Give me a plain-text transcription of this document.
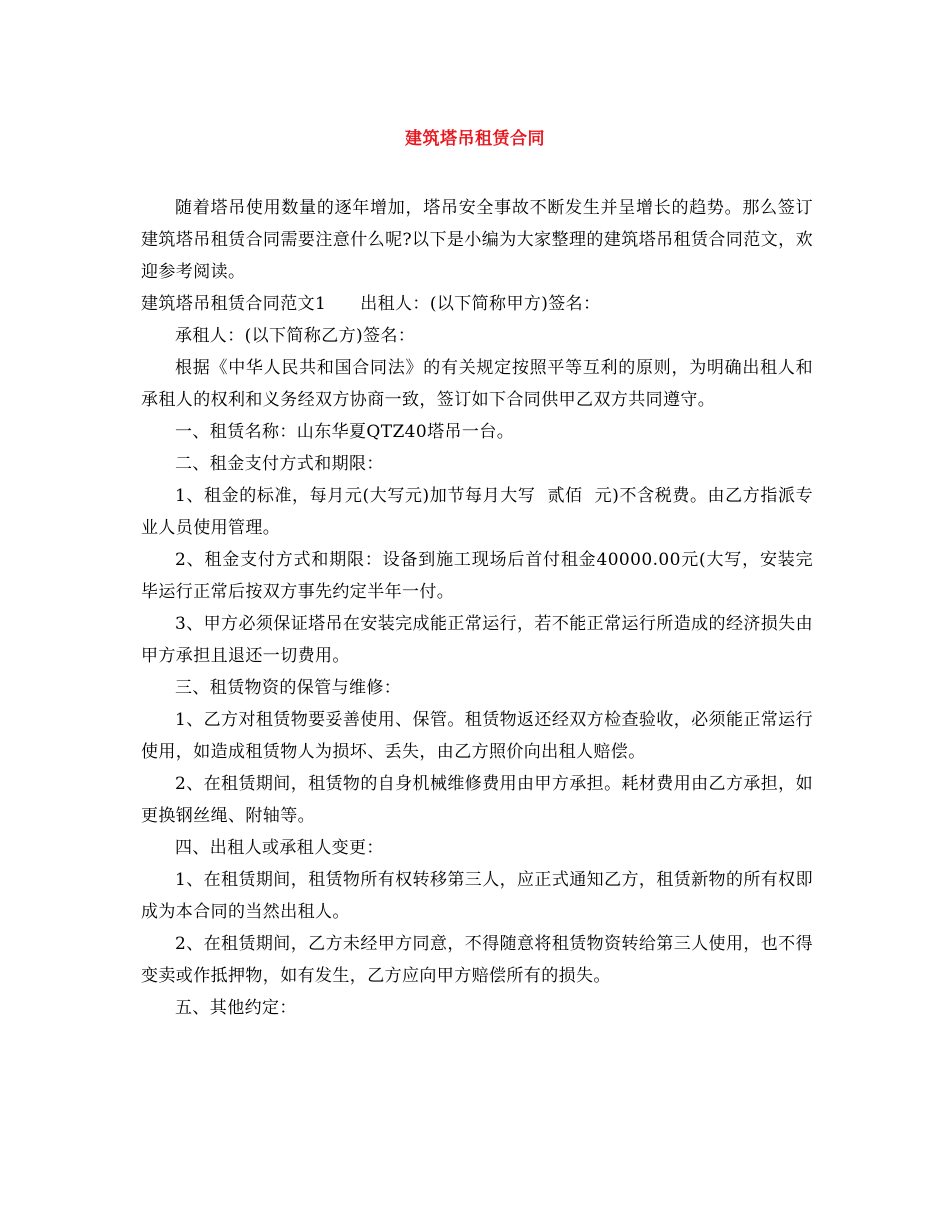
建筑塔吊租赁合同

随着塔吊使用数量的逐年增加，塔吊安全事故不断发生并呈增长的趋势。那么签订建筑塔吊租赁合同需要注意什么呢?以下是小编为大家整理的建筑塔吊租赁合同范文，欢迎参考阅读。

建筑塔吊租赁合同范文1 出租人：(以下简称甲方)签名：

承租人：(以下简称乙方)签名：

根据《中华人民共和国合同法》的有关规定按照平等互利的原则，为明确出租人和承租人的权利和义务经双方协商一致，签订如下合同供甲乙双方共同遵守。

一、租赁名称：山东华夏QTZ40塔吊一台。

二、租金支付方式和期限：

1、租金的标准，每月元(大写元)加节每月大写  贰佰  元)不含税费。由乙方指派专业人员使用管理。

2、租金支付方式和期限：设备到施工现场后首付租金40000.00元(大写，安装完毕运行正常后按双方事先约定半年一付。

3、甲方必须保证塔吊在安装完成能正常运行，若不能正常运行所造成的经济损失由甲方承担且退还一切费用。

三、租赁物资的保管与维修：

1、乙方对租赁物要妥善使用、保管。租赁物返还经双方检查验收，必须能正常运行使用，如造成租赁物人为损坏、丢失，由乙方照价向出租人赔偿。

2、在租赁期间，租赁物的自身机械维修费用由甲方承担。耗材费用由乙方承担，如更换钢丝绳、附轴等。

四、出租人或承租人变更：

1、在租赁期间，租赁物所有权转移第三人，应正式通知乙方，租赁新物的所有权即成为本合同的当然出租人。

2、在租赁期间，乙方未经甲方同意，不得随意将租赁物资转给第三人使用，也不得变卖或作抵押物，如有发生，乙方应向甲方赔偿所有的损失。

五、其他约定：
